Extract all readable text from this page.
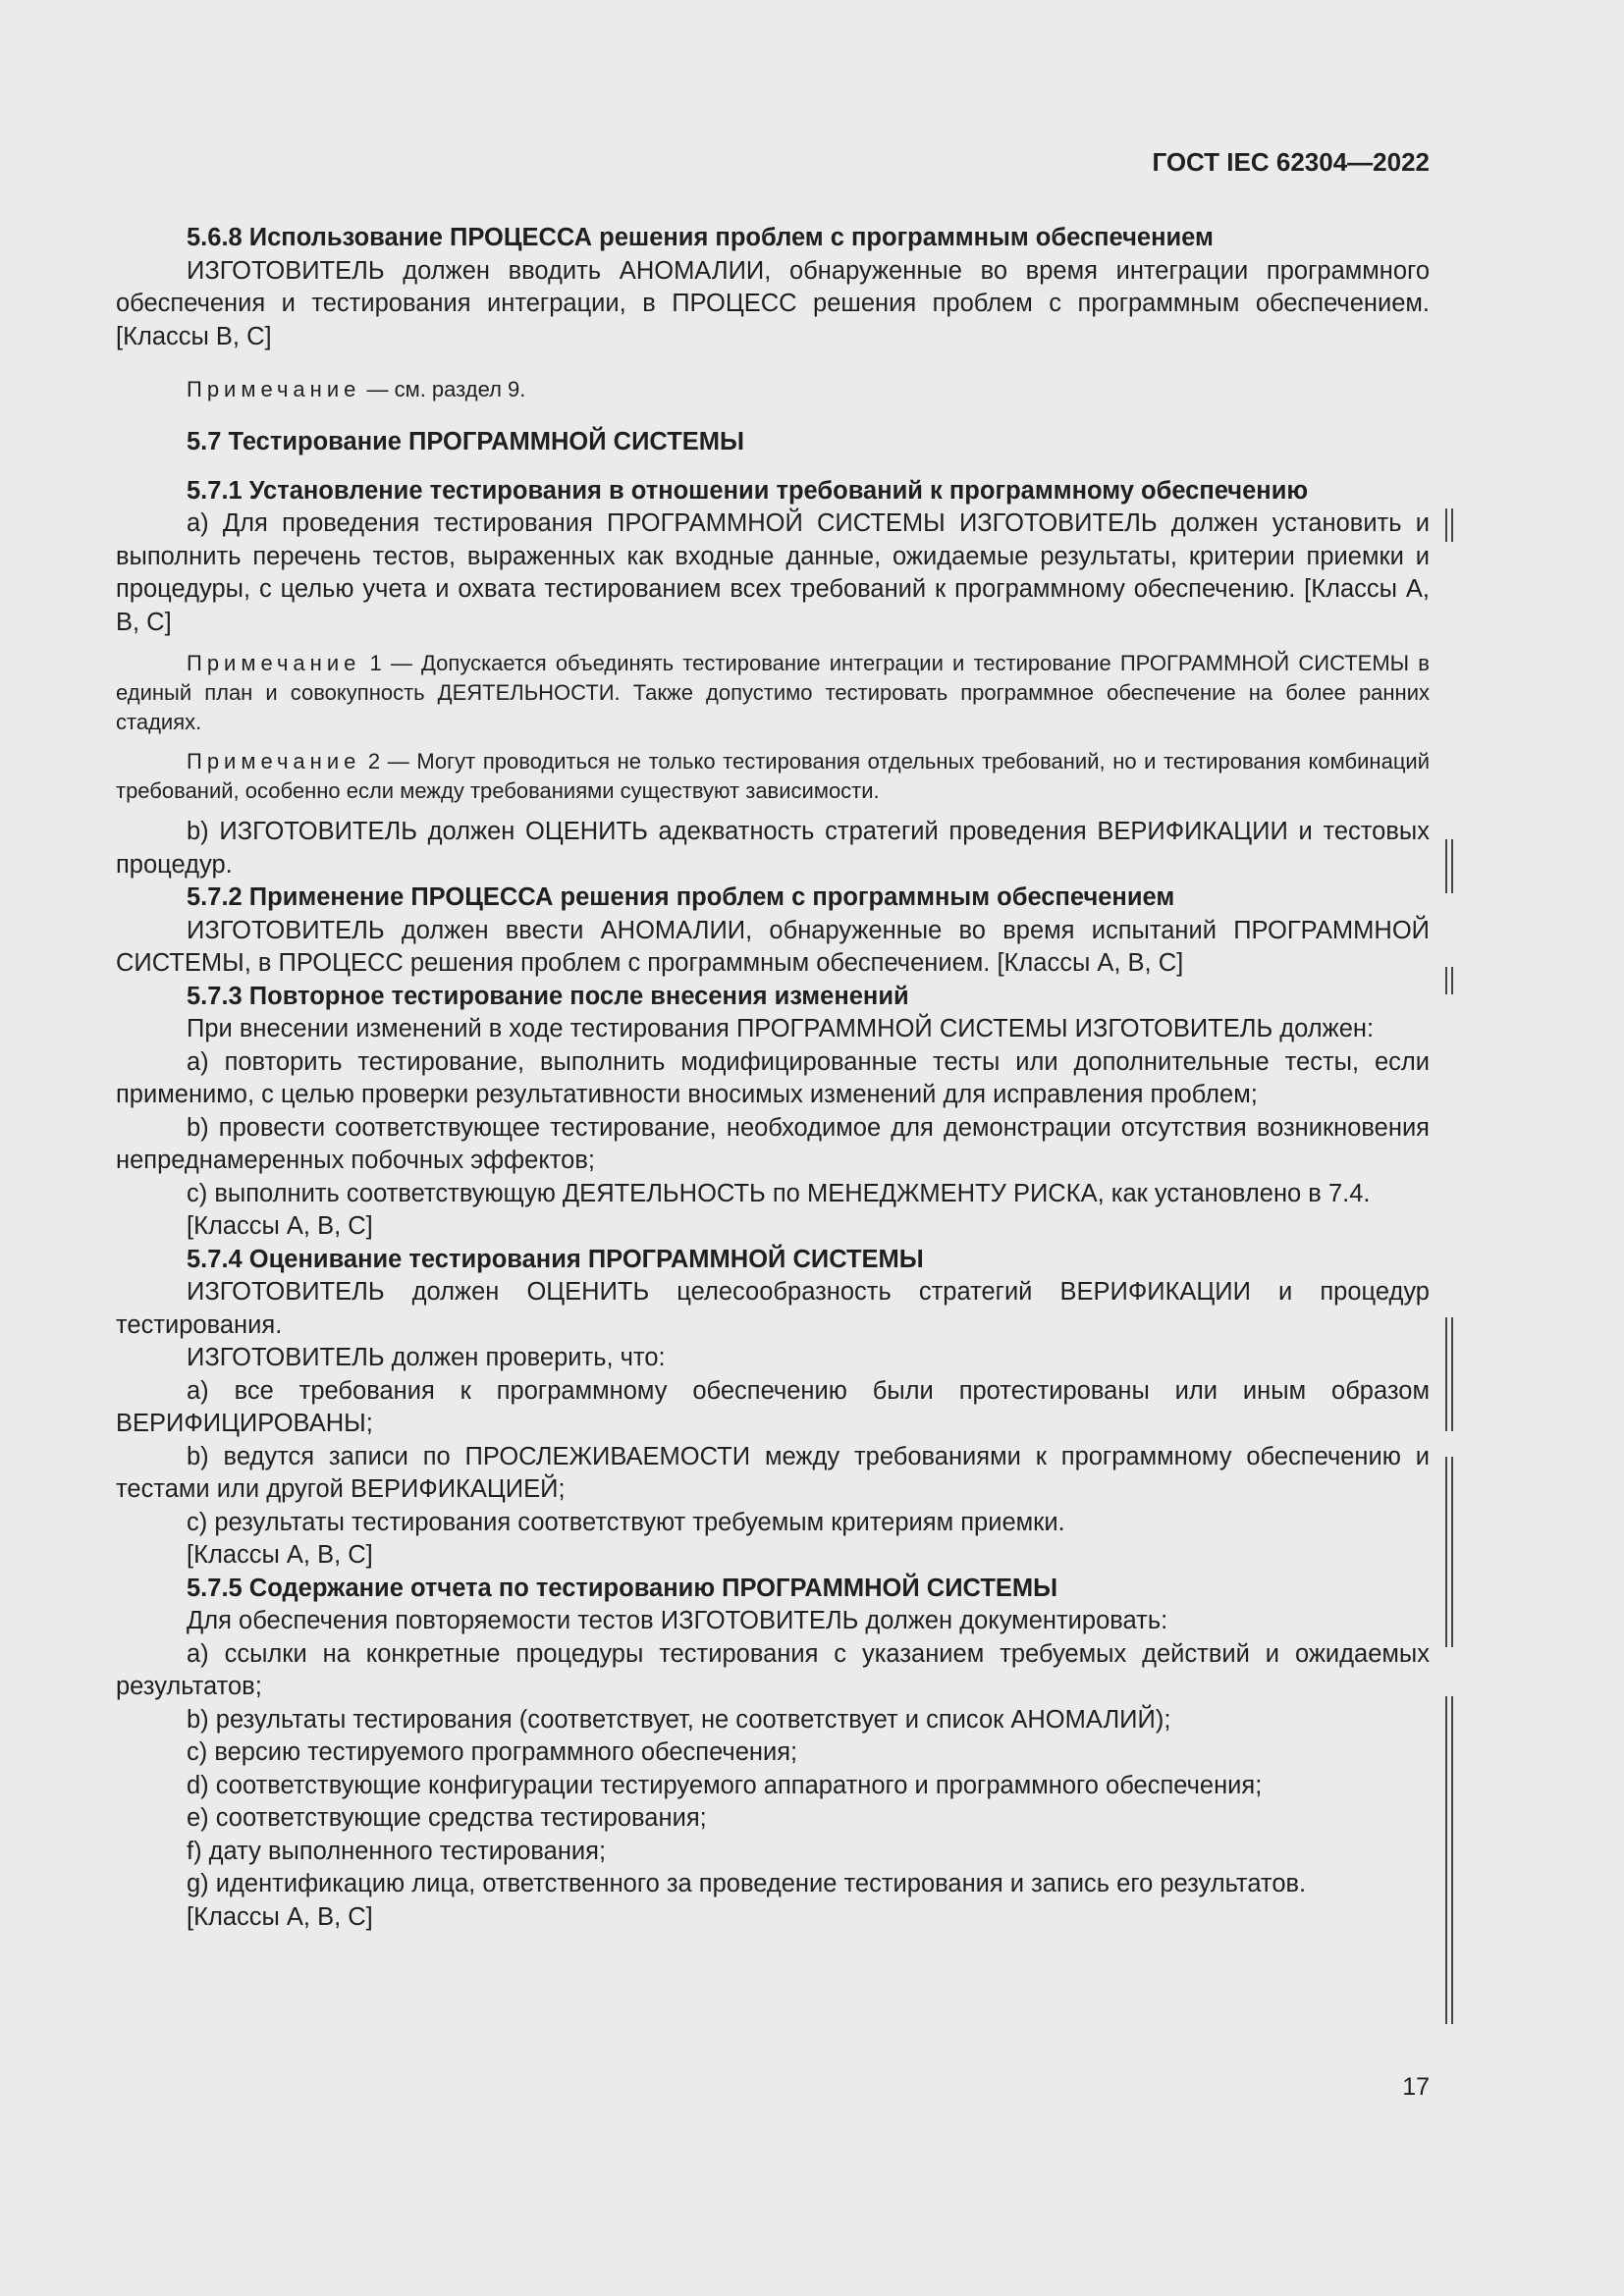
ГОСТ IEC 62304—2022

5.6.8 Использование ПРОЦЕССА решения проблем с программным обеспечением

ИЗГОТОВИТЕЛЬ должен вводить АНОМАЛИИ, обнаруженные во время интеграции программного обеспечения и тестирования интеграции, в ПРОЦЕСС решения проблем с программным обеспечением. [Классы В, С]

Примечание — см. раздел 9.

5.7 Тестирование ПРОГРАММНОЙ СИСТЕМЫ

5.7.1 Установление тестирования в отношении требований к программному обеспечению

а) Для проведения тестирования ПРОГРАММНОЙ СИСТЕМЫ ИЗГОТОВИТЕЛЬ должен установить и выполнить перечень тестов, выраженных как входные данные, ожидаемые результаты, критерии приемки и процедуры, с целью учета и охвата тестированием всех требований к программному обеспечению. [Классы А, В, С]

Примечание 1 — Допускается объединять тестирование интеграции и тестирование ПРОГРАММНОЙ СИСТЕМЫ в единый план и совокупность ДЕЯТЕЛЬНОСТИ. Также допустимо тестировать программное обеспечение на более ранних стадиях.

Примечание 2 — Могут проводиться не только тестирования отдельных требований, но и тестирования комбинаций требований, особенно если между требованиями существуют зависимости.

b) ИЗГОТОВИТЕЛЬ должен ОЦЕНИТЬ адекватность стратегий проведения ВЕРИФИКАЦИИ и тестовых процедур.

5.7.2 Применение ПРОЦЕССА решения проблем с программным обеспечением

ИЗГОТОВИТЕЛЬ должен ввести АНОМАЛИИ, обнаруженные во время испытаний ПРОГРАММНОЙ СИСТЕМЫ, в ПРОЦЕСС решения проблем с программным обеспечением. [Классы А, В, С]

5.7.3 Повторное тестирование после внесения изменений

При внесении изменений в ходе тестирования ПРОГРАММНОЙ СИСТЕМЫ ИЗГОТОВИТЕЛЬ должен:

а) повторить тестирование, выполнить модифицированные тесты или дополнительные тесты, если применимо, с целью проверки результативности вносимых изменений для исправления проблем;

b) провести соответствующее тестирование, необходимое для демонстрации отсутствия возникновения непреднамеренных побочных эффектов;

c) выполнить соответствующую ДЕЯТЕЛЬНОСТЬ по МЕНЕДЖМЕНТУ РИСКА, как установлено в 7.4.

[Классы А, В, С]

5.7.4 Оценивание тестирования ПРОГРАММНОЙ СИСТЕМЫ

ИЗГОТОВИТЕЛЬ должен ОЦЕНИТЬ целесообразность стратегий ВЕРИФИКАЦИИ и процедур тестирования.

ИЗГОТОВИТЕЛЬ должен проверить, что:

а) все требования к программному обеспечению были протестированы или иным образом ВЕРИФИЦИРОВАНЫ;

b) ведутся записи по ПРОСЛЕЖИВАЕМОСТИ между требованиями к программному обеспечению и тестами или другой ВЕРИФИКАЦИЕЙ;

c) результаты тестирования соответствуют требуемым критериям приемки.

[Классы А, В, С]

5.7.5 Содержание отчета по тестированию ПРОГРАММНОЙ СИСТЕМЫ

Для обеспечения повторяемости тестов ИЗГОТОВИТЕЛЬ должен документировать:

а) ссылки на конкретные процедуры тестирования с указанием требуемых действий и ожидаемых результатов;

b) результаты тестирования (соответствует, не соответствует и список АНОМАЛИЙ);

c) версию тестируемого программного обеспечения;

d) соответствующие конфигурации тестируемого аппаратного и программного обеспечения;

e) соответствующие средства тестирования;

f) дату выполненного тестирования;

g) идентификацию лица, ответственного за проведение тестирования и запись его результатов.

[Классы А, В, С]

17
